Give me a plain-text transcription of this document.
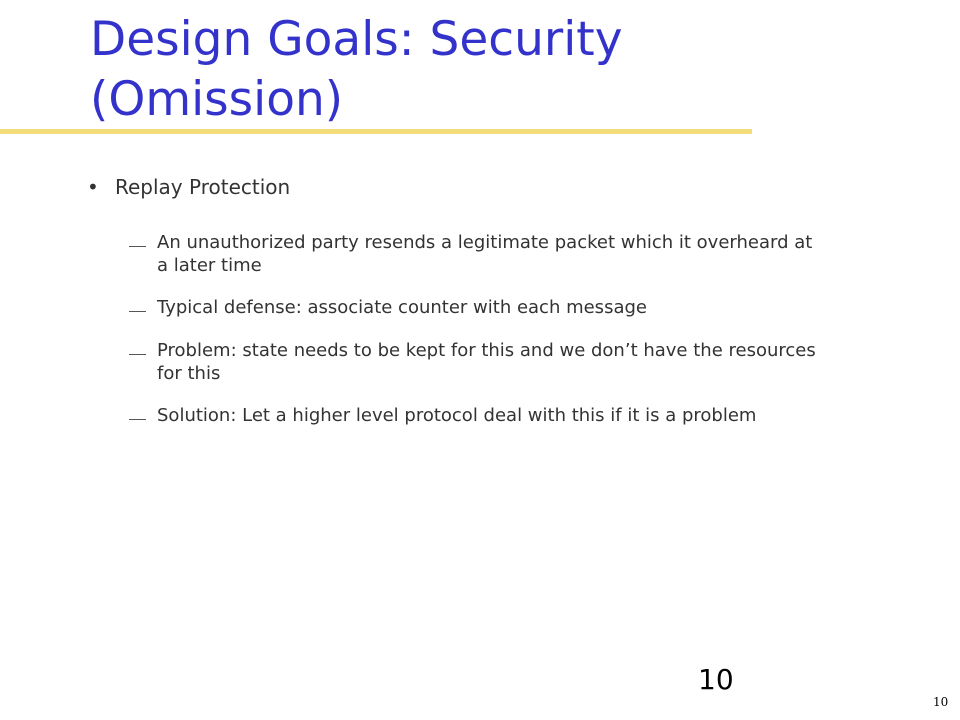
Design Goals: Security (Omission)
• Replay Protection
An unauthorized party resends a legitimate packet which it overheard at a later time
Typical defense: associate counter with each message
Problem: state needs to be kept for this and we don’t have the resources for this
Solution: Let a higher level protocol deal with this if it is a problem
10
10
